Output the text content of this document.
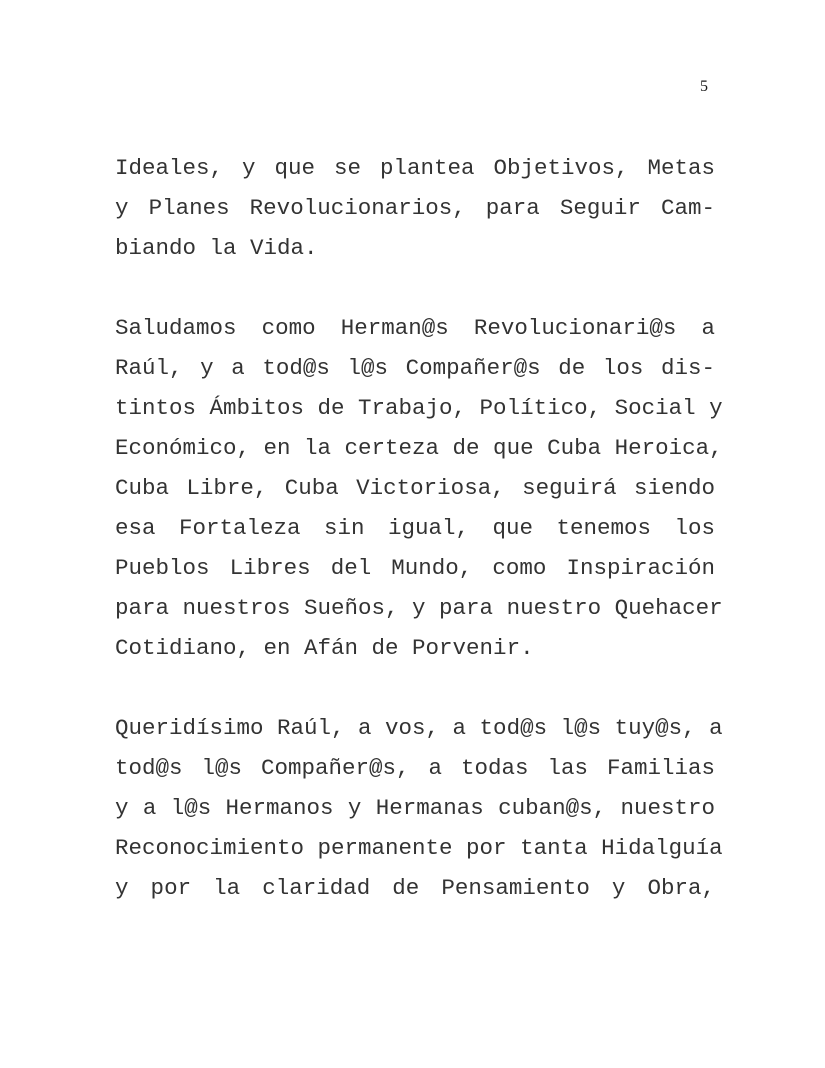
5

Ideales, y que se plantea Objetivos, Metas
y Planes Revolucionarios, para Seguir Cam-
biando la Vida.

Saludamos como Herman@s Revolucionari@s a
Raúl, y a tod@s l@s Compañer@s de los dis-
tintos Ámbitos de Trabajo, Político, Social y
Económico, en la certeza de que Cuba Heroica,
Cuba Libre, Cuba Victoriosa, seguirá siendo
esa Fortaleza sin igual, que tenemos los
Pueblos Libres del Mundo, como Inspiración
para nuestros Sueños, y para nuestro Quehacer
Cotidiano, en Afán de Porvenir.

Queridísimo Raúl, a vos, a tod@s l@s tuy@s, a
tod@s l@s Compañer@s, a todas las Familias
y a l@s Hermanos y Hermanas cuban@s, nuestro
Reconocimiento permanente por tanta Hidalguía
y por la claridad de Pensamiento y Obra,
